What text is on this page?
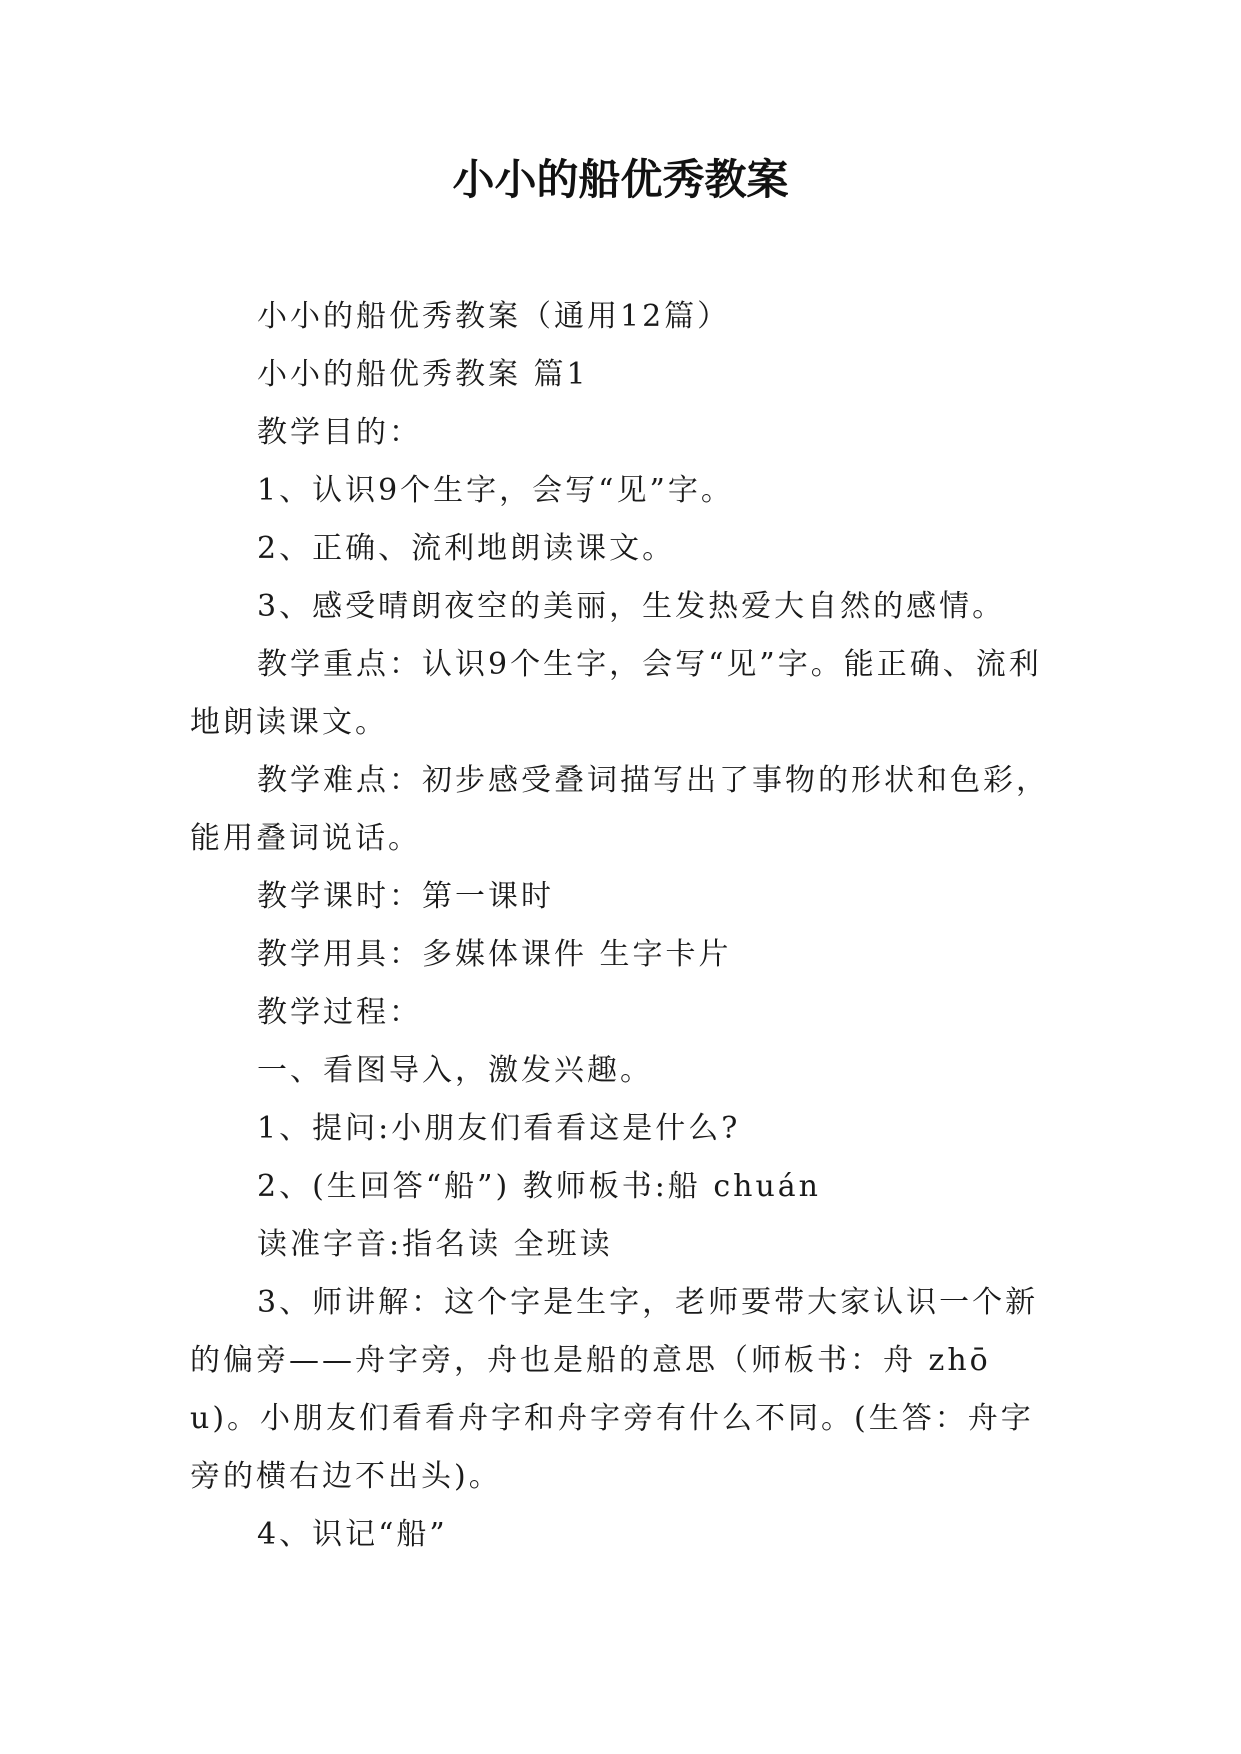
小小的船优秀教案

小小的船优秀教案（通用12篇）

小小的船优秀教案 篇1

教学目的：

1、认识9个生字，会写“见”字。

2、正确、流利地朗读课文。

3、感受晴朗夜空的美丽，生发热爱大自然的感情。

教学重点：认识9个生字，会写“见”字。能正确、流利地朗读课文。

教学难点：初步感受叠词描写出了事物的形状和色彩，能用叠词说话。

教学课时：第一课时

教学用具：多媒体课件 生字卡片

教学过程：

一、看图导入，激发兴趣。

1、提问:小朋友们看看这是什么?

2、(生回答“船”) 教师板书:船 chuán

读准字音:指名读 全班读

3、师讲解：这个字是生字，老师要带大家认识一个新的偏旁——舟字旁，舟也是船的意思（师板书：舟 zhōu)。小朋友们看看舟字和舟字旁有什么不同。(生答：舟字旁的横右边不出头)。

4、识记“船”
